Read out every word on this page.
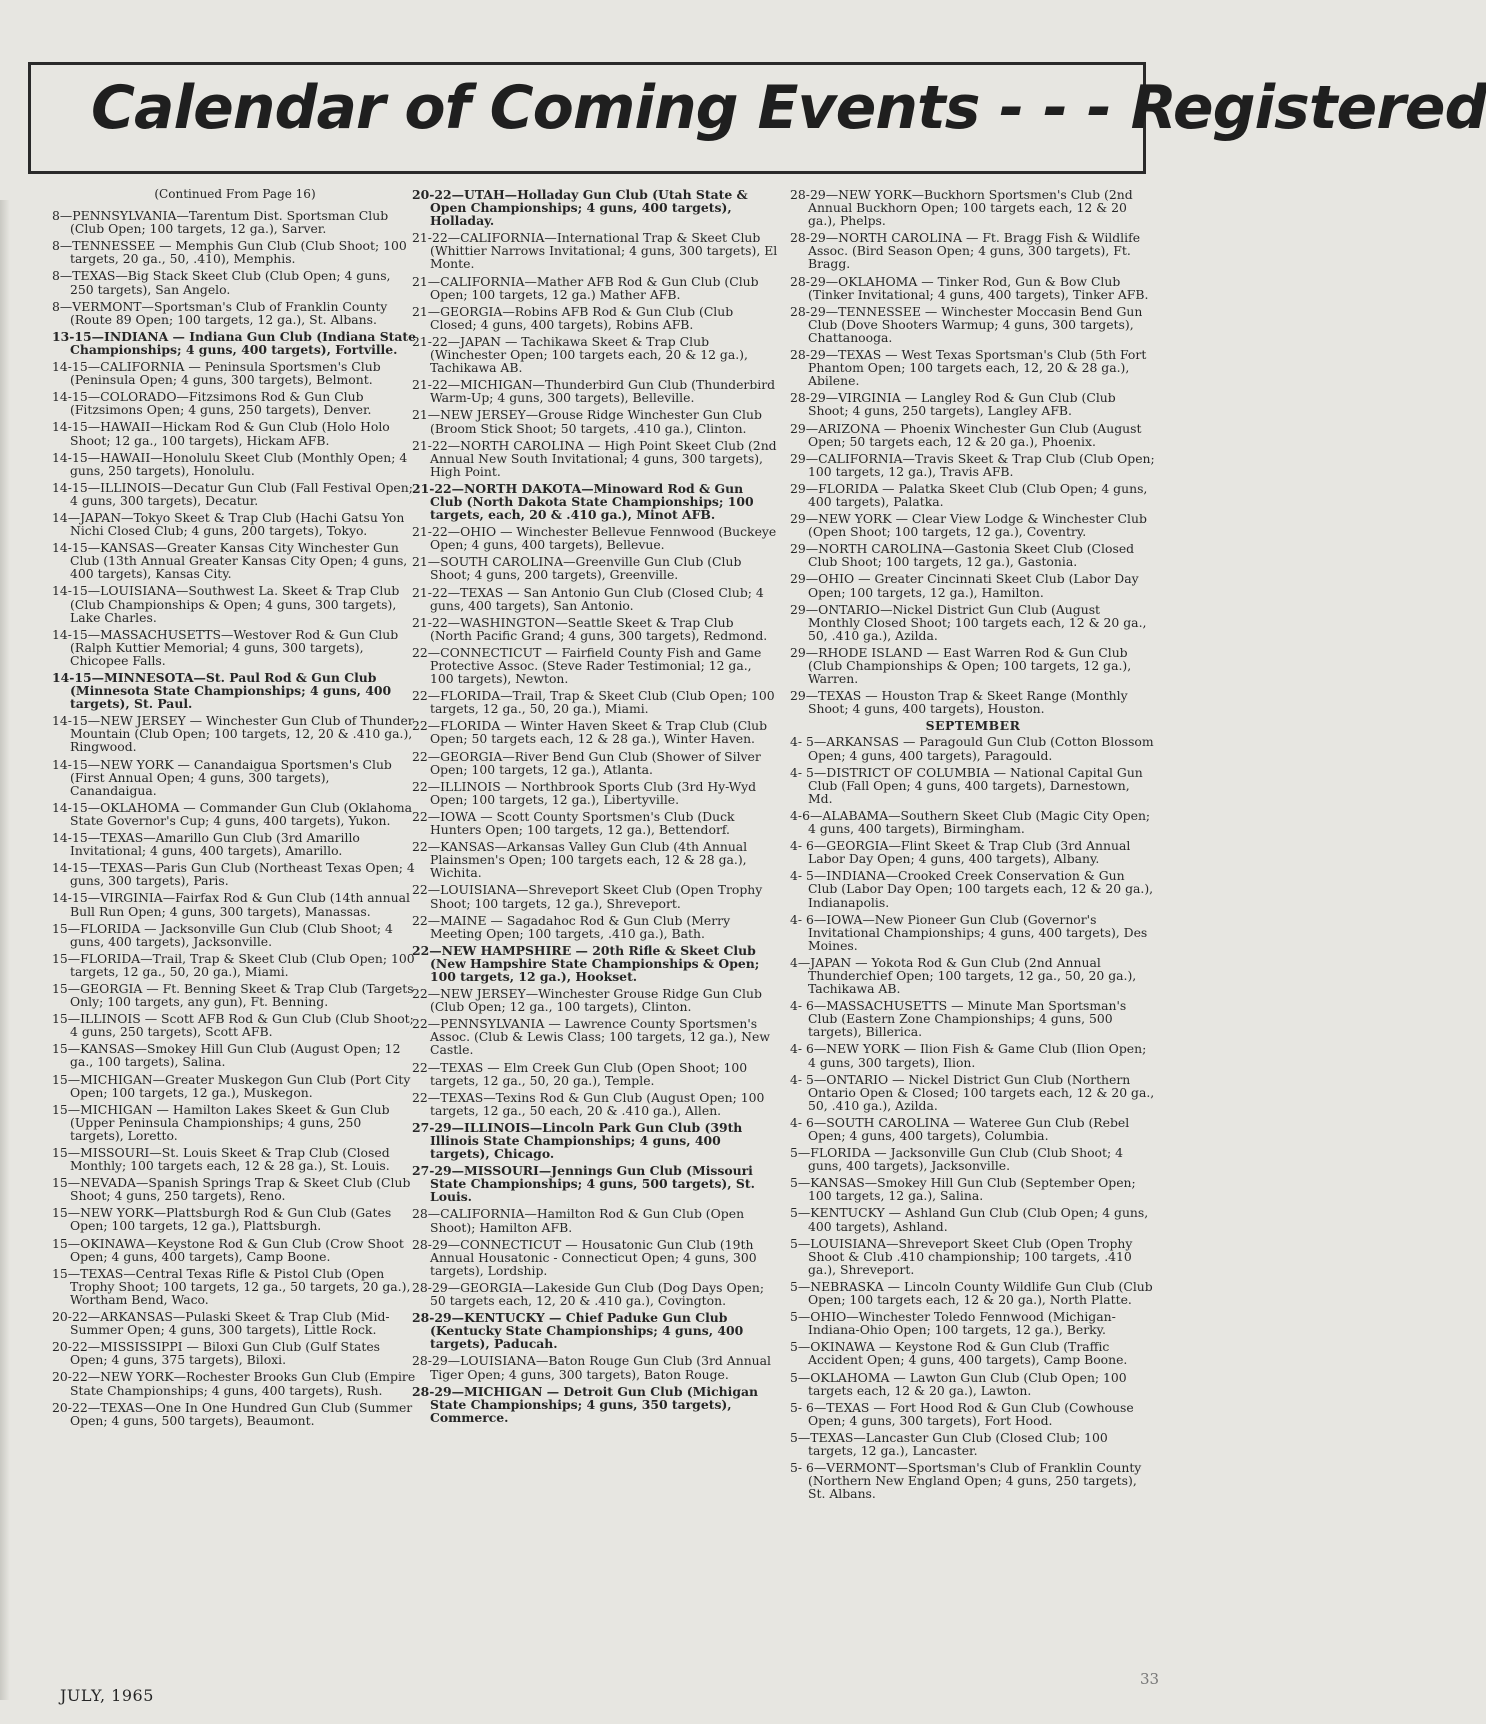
Calendar of Coming Events - - - Registered

(Continued From Page 16)

8—PENNSYLVANIA—Tarentum Dist. Sportsman Club (Club Open; 100 targets, 12 ga.), Sarver.

8—TENNESSEE — Memphis Gun Club (Club Shoot; 100 targets, 20 ga., 50, .410), Memphis.

8—TEXAS—Big Stack Skeet Club (Club Open; 4 guns, 250 targets), San Angelo.

8—VERMONT—Sportsman's Club of Franklin County (Route 89 Open; 100 targets, 12 ga.), St. Albans.

13-15—INDIANA — Indiana Gun Club (Indiana State Championships; 4 guns, 400 targets), Fortville.

14-15—CALIFORNIA — Peninsula Sportsmen's Club (Peninsula Open; 4 guns, 300 targets), Belmont.

14-15—COLORADO—Fitzsimons Rod & Gun Club (Fitzsimons Open; 4 guns, 250 targets), Denver.

14-15—HAWAII—Hickam Rod & Gun Club (Holo Holo Shoot; 12 ga., 100 targets), Hickam AFB.

14-15—HAWAII—Honolulu Skeet Club (Monthly Open; 4 guns, 250 targets), Honolulu.

14-15—ILLINOIS—Decatur Gun Club (Fall Festival Open; 4 guns, 300 targets), Decatur.

14—JAPAN—Tokyo Skeet & Trap Club (Hachi Gatsu Yon Nichi Closed Club; 4 guns, 200 targets), Tokyo.

14-15—KANSAS—Greater Kansas City Winchester Gun Club (13th Annual Greater Kansas City Open; 4 guns, 400 targets), Kansas City.

14-15—LOUISIANA—Southwest La. Skeet & Trap Club (Club Championships & Open; 4 guns, 300 targets), Lake Charles.

14-15—MASSACHUSETTS—Westover Rod & Gun Club (Ralph Kuttier Memorial; 4 guns, 300 targets), Chicopee Falls.

14-15—MINNESOTA—St. Paul Rod & Gun Club (Minnesota State Championships; 4 guns, 400 targets), St. Paul.

14-15—NEW JERSEY — Winchester Gun Club of Thunder Mountain (Club Open; 100 targets, 12, 20 & .410 ga.), Ringwood.

14-15—NEW YORK — Canandaigua Sportsmen's Club (First Annual Open; 4 guns, 300 targets), Canandaigua.

14-15—OKLAHOMA — Commander Gun Club (Oklahoma State Governor's Cup; 4 guns, 400 targets), Yukon.

14-15—TEXAS—Amarillo Gun Club (3rd Amarillo Invitational; 4 guns, 400 targets), Amarillo.

14-15—TEXAS—Paris Gun Club (Northeast Texas Open; 4 guns, 300 targets), Paris.

14-15—VIRGINIA—Fairfax Rod & Gun Club (14th annual Bull Run Open; 4 guns, 300 targets), Manassas.

15—FLORIDA — Jacksonville Gun Club (Club Shoot; 4 guns, 400 targets), Jacksonville.

15—FLORIDA—Trail, Trap & Skeet Club (Club Open; 100 targets, 12 ga., 50, 20 ga.), Miami.

15—GEORGIA — Ft. Benning Skeet & Trap Club (Targets Only; 100 targets, any gun), Ft. Benning.

15—ILLINOIS — Scott AFB Rod & Gun Club (Club Shoot; 4 guns, 250 targets), Scott AFB.

15—KANSAS—Smokey Hill Gun Club (August Open; 12 ga., 100 targets), Salina.

15—MICHIGAN—Greater Muskegon Gun Club (Port City Open; 100 targets, 12 ga.), Muskegon.

15—MICHIGAN — Hamilton Lakes Skeet & Gun Club (Upper Peninsula Championships; 4 guns, 250 targets), Loretto.

15—MISSOURI—St. Louis Skeet & Trap Club (Closed Monthly; 100 targets each, 12 & 28 ga.), St. Louis.

15—NEVADA—Spanish Springs Trap & Skeet Club (Club Shoot; 4 guns, 250 targets), Reno.

15—NEW YORK—Plattsburgh Rod & Gun Club (Gates Open; 100 targets, 12 ga.), Plattsburgh.

15—OKINAWA—Keystone Rod & Gun Club (Crow Shoot Open; 4 guns, 400 targets), Camp Boone.

15—TEXAS—Central Texas Rifle & Pistol Club (Open Trophy Shoot; 100 targets, 12 ga., 50 targets, 20 ga.), Wortham Bend, Waco.

20-22—ARKANSAS—Pulaski Skeet & Trap Club (Mid-Summer Open; 4 guns, 300 targets), Little Rock.

20-22—MISSISSIPPI — Biloxi Gun Club (Gulf States Open; 4 guns, 375 targets), Biloxi.

20-22—NEW YORK—Rochester Brooks Gun Club (Empire State Championships; 4 guns, 400 targets), Rush.

20-22—TEXAS—One In One Hundred Gun Club (Summer Open; 4 guns, 500 targets), Beaumont.

20-22—UTAH—Holladay Gun Club (Utah State & Open Championships; 4 guns, 400 targets), Holladay.

21-22—CALIFORNIA—International Trap & Skeet Club (Whittier Narrows Invitational; 4 guns, 300 targets), El Monte.

21—CALIFORNIA—Mather AFB Rod & Gun Club (Club Open; 100 targets, 12 ga.) Mather AFB.

21—GEORGIA—Robins AFB Rod & Gun Club (Club Closed; 4 guns, 400 targets), Robins AFB.

21-22—JAPAN — Tachikawa Skeet & Trap Club (Winchester Open; 100 targets each, 20 & 12 ga.), Tachikawa AB.

21-22—MICHIGAN—Thunderbird Gun Club (Thunderbird Warm-Up; 4 guns, 300 targets), Belleville.

21—NEW JERSEY—Grouse Ridge Winchester Gun Club (Broom Stick Shoot; 50 targets, .410 ga.), Clinton.

21-22—NORTH CAROLINA — High Point Skeet Club (2nd Annual New South Invitational; 4 guns, 300 targets), High Point.

21-22—NORTH DAKOTA—Minoward Rod & Gun Club (North Dakota State Championships; 100 targets, each, 20 & .410 ga.), Minot AFB.

21-22—OHIO — Winchester Bellevue Fennwood (Buckeye Open; 4 guns, 400 targets), Bellevue.

21—SOUTH CAROLINA—Greenville Gun Club (Club Shoot; 4 guns, 200 targets), Greenville.

21-22—TEXAS — San Antonio Gun Club (Closed Club; 4 guns, 400 targets), San Antonio.

21-22—WASHINGTON—Seattle Skeet & Trap Club (North Pacific Grand; 4 guns, 300 targets), Redmond.

22—CONNECTICUT — Fairfield County Fish and Game Protective Assoc. (Steve Rader Testimonial; 12 ga., 100 targets), Newton.

22—FLORIDA—Trail, Trap & Skeet Club (Club Open; 100 targets, 12 ga., 50, 20 ga.), Miami.

22—FLORIDA — Winter Haven Skeet & Trap Club (Club Open; 50 targets each, 12 & 28 ga.), Winter Haven.

22—GEORGIA—River Bend Gun Club (Shower of Silver Open; 100 targets, 12 ga.), Atlanta.

22—ILLINOIS — Northbrook Sports Club (3rd Hy-Wyd Open; 100 targets, 12 ga.), Libertyville.

22—IOWA — Scott County Sportsmen's Club (Duck Hunters Open; 100 targets, 12 ga.), Bettendorf.

22—KANSAS—Arkansas Valley Gun Club (4th Annual Plainsmen's Open; 100 targets each, 12 & 28 ga.), Wichita.

22—LOUISIANA—Shreveport Skeet Club (Open Trophy Shoot; 100 targets, 12 ga.), Shreveport.

22—MAINE — Sagadahoc Rod & Gun Club (Merry Meeting Open; 100 targets, .410 ga.), Bath.

22—NEW HAMPSHIRE — 20th Rifle & Skeet Club (New Hampshire State Championships & Open; 100 targets, 12 ga.), Hookset.

22—NEW JERSEY—Winchester Grouse Ridge Gun Club (Club Open; 12 ga., 100 targets), Clinton.

22—PENNSYLVANIA — Lawrence County Sportsmen's Assoc. (Club & Lewis Class; 100 targets, 12 ga.), New Castle.

22—TEXAS — Elm Creek Gun Club (Open Shoot; 100 targets, 12 ga., 50, 20 ga.), Temple.

22—TEXAS—Texins Rod & Gun Club (August Open; 100 targets, 12 ga., 50 each, 20 & .410 ga.), Allen.

27-29—ILLINOIS—Lincoln Park Gun Club (39th Illinois State Championships; 4 guns, 400 targets), Chicago.

27-29—MISSOURI—Jennings Gun Club (Missouri State Championships; 4 guns, 500 targets), St. Louis.

28—CALIFORNIA—Hamilton Rod & Gun Club (Open Shoot); Hamilton AFB.

28-29—CONNECTICUT — Housatonic Gun Club (19th Annual Housatonic - Connecticut Open; 4 guns, 300 targets), Lordship.

28-29—GEORGIA—Lakeside Gun Club (Dog Days Open; 50 targets each, 12, 20 & .410 ga.), Covington.

28-29—KENTUCKY — Chief Paduke Gun Club (Kentucky State Championships; 4 guns, 400 targets), Paducah.

28-29—LOUISIANA—Baton Rouge Gun Club (3rd Annual Tiger Open; 4 guns, 300 targets), Baton Rouge.

28-29—MICHIGAN — Detroit Gun Club (Michigan State Championships; 4 guns, 350 targets), Commerce.

28-29—NEW YORK—Buckhorn Sportsmen's Club (2nd Annual Buckhorn Open; 100 targets each, 12 & 20 ga.), Phelps.

28-29—NORTH CAROLINA — Ft. Bragg Fish & Wildlife Assoc. (Bird Season Open; 4 guns, 300 targets), Ft. Bragg.

28-29—OKLAHOMA — Tinker Rod, Gun & Bow Club (Tinker Invitational; 4 guns, 400 targets), Tinker AFB.

28-29—TENNESSEE — Winchester Moccasin Bend Gun Club (Dove Shooters Warmup; 4 guns, 300 targets), Chattanooga.

28-29—TEXAS — West Texas Sportsman's Club (5th Fort Phantom Open; 100 targets each, 12, 20 & 28 ga.), Abilene.

28-29—VIRGINIA — Langley Rod & Gun Club (Club Shoot; 4 guns, 250 targets), Langley AFB.

29—ARIZONA — Phoenix Winchester Gun Club (August Open; 50 targets each, 12 & 20 ga.), Phoenix.

29—CALIFORNIA—Travis Skeet & Trap Club (Club Open; 100 targets, 12 ga.), Travis AFB.

29—FLORIDA — Palatka Skeet Club (Club Open; 4 guns, 400 targets), Palatka.

29—NEW YORK — Clear View Lodge & Winchester Club (Open Shoot; 100 targets, 12 ga.), Coventry.

29—NORTH CAROLINA—Gastonia Skeet Club (Closed Club Shoot; 100 targets, 12 ga.), Gastonia.

29—OHIO — Greater Cincinnati Skeet Club (Labor Day Open; 100 targets, 12 ga.), Hamilton.

29—ONTARIO—Nickel District Gun Club (August Monthly Closed Shoot; 100 targets each, 12 & 20 ga., 50, .410 ga.), Azilda.

29—RHODE ISLAND — East Warren Rod & Gun Club (Club Championships & Open; 100 targets, 12 ga.), Warren.

29—TEXAS — Houston Trap & Skeet Range (Monthly Shoot; 4 guns, 400 targets), Houston.

SEPTEMBER

4- 5—ARKANSAS — Paragould Gun Club (Cotton Blossom Open; 4 guns, 400 targets), Paragould.

4- 5—DISTRICT OF COLUMBIA — National Capital Gun Club (Fall Open; 4 guns, 400 targets), Darnestown, Md.

4-6—ALABAMA—Southern Skeet Club (Magic City Open; 4 guns, 400 targets), Birmingham.

4- 6—GEORGIA—Flint Skeet & Trap Club (3rd Annual Labor Day Open; 4 guns, 400 targets), Albany.

4- 5—INDIANA—Crooked Creek Conservation & Gun Club (Labor Day Open; 100 targets each, 12 & 20 ga.), Indianapolis.

4- 6—IOWA—New Pioneer Gun Club (Governor's Invitational Championships; 4 guns, 400 targets), Des Moines.

4—JAPAN — Yokota Rod & Gun Club (2nd Annual Thunderchief Open; 100 targets, 12 ga., 50, 20 ga.), Tachikawa AB.

4- 6—MASSACHUSETTS — Minute Man Sportsman's Club (Eastern Zone Championships; 4 guns, 500 targets), Billerica.

4- 6—NEW YORK — Ilion Fish & Game Club (Ilion Open; 4 guns, 300 targets), Ilion.

4- 5—ONTARIO — Nickel District Gun Club (Northern Ontario Open & Closed; 100 targets each, 12 & 20 ga., 50, .410 ga.), Azilda.

4- 6—SOUTH CAROLINA — Wateree Gun Club (Rebel Open; 4 guns, 400 targets), Columbia.

5—FLORIDA — Jacksonville Gun Club (Club Shoot; 4 guns, 400 targets), Jacksonville.

5—KANSAS—Smokey Hill Gun Club (September Open; 100 targets, 12 ga.), Salina.

5—KENTUCKY — Ashland Gun Club (Club Open; 4 guns, 400 targets), Ashland.

5—LOUISIANA—Shreveport Skeet Club (Open Trophy Shoot & Club .410 championship; 100 targets, .410 ga.), Shreveport.

5—NEBRASKA — Lincoln County Wildlife Gun Club (Club Open; 100 targets each, 12 & 20 ga.), North Platte.

5—OHIO—Winchester Toledo Fennwood (Michigan-Indiana-Ohio Open; 100 targets, 12 ga.), Berky.

5—OKINAWA — Keystone Rod & Gun Club (Traffic Accident Open; 4 guns, 400 targets), Camp Boone.

5—OKLAHOMA — Lawton Gun Club (Club Open; 100 targets each, 12 & 20 ga.), Lawton.

5- 6—TEXAS — Fort Hood Rod & Gun Club (Cowhouse Open; 4 guns, 300 targets), Fort Hood.

5—TEXAS—Lancaster Gun Club (Closed Club; 100 targets, 12 ga.), Lancaster.

5- 6—VERMONT—Sportsman's Club of Franklin County (Northern New England Open; 4 guns, 250 targets), St. Albans.

JULY, 1965
33
